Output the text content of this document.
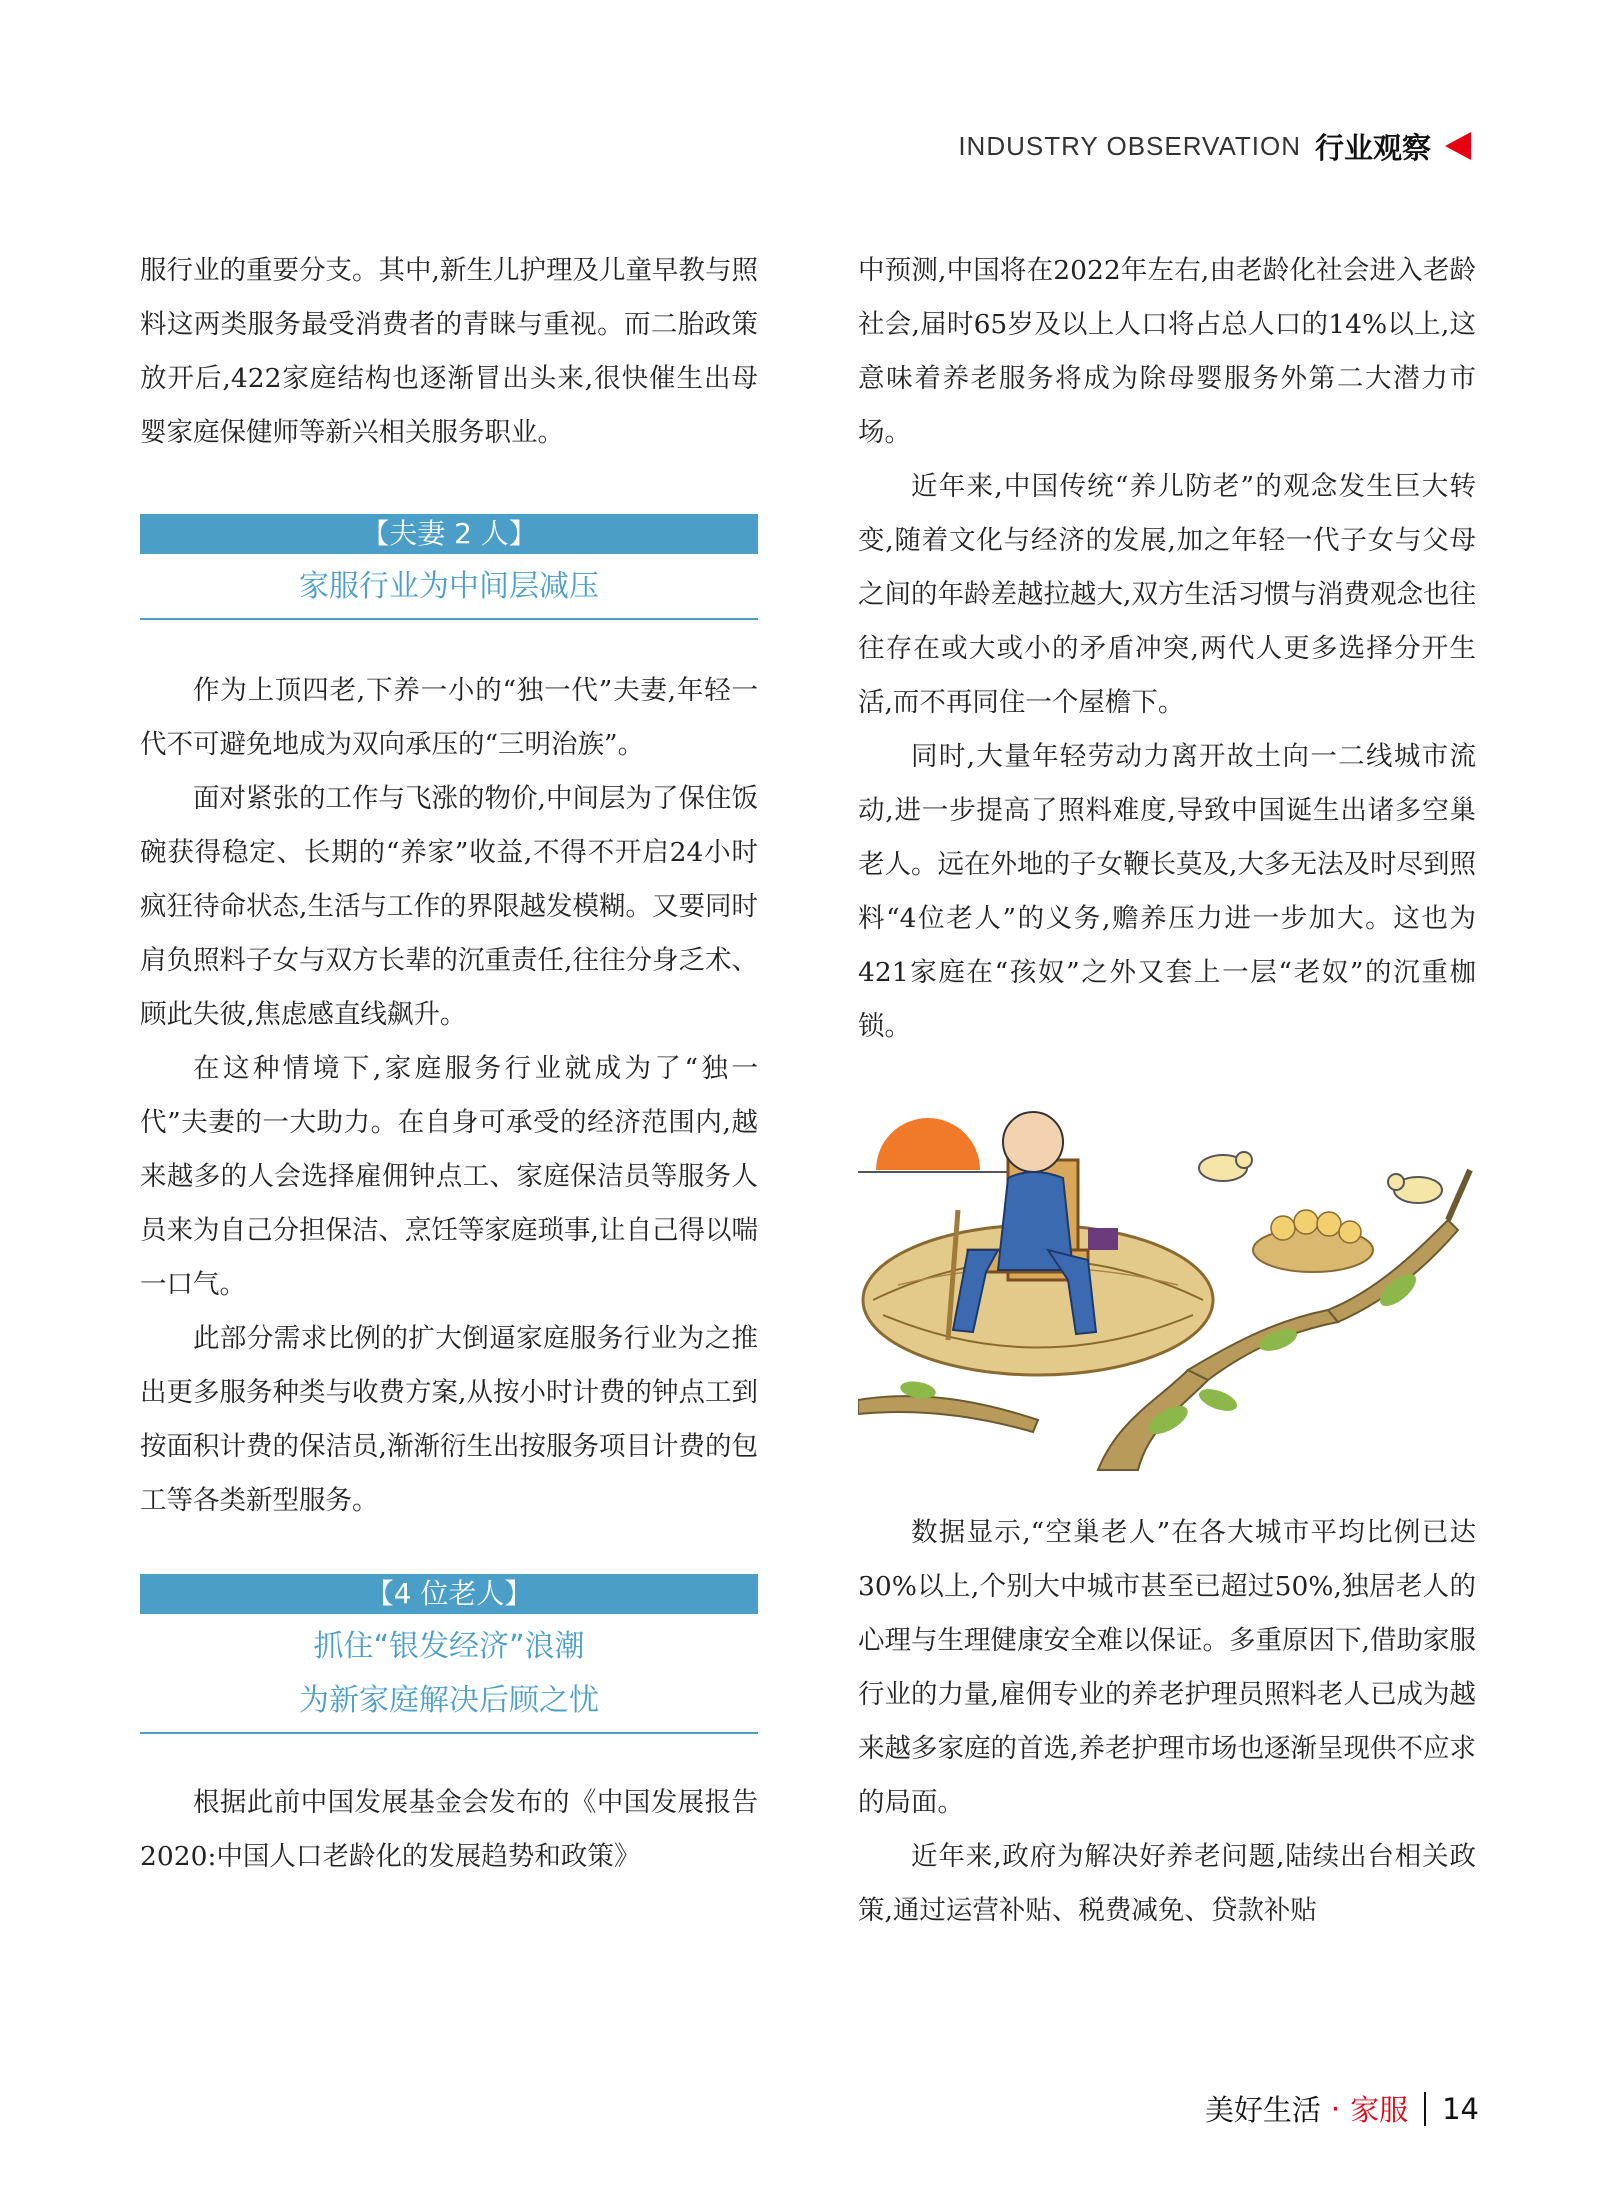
INDUSTRY OBSERVATION 行业观察

服行业的重要分支。其中,新生儿护理及儿童早教与照料这两类服务最受消费者的青睐与重视。而二胎政策放开后,422家庭结构也逐渐冒出头来,很快催生出母婴家庭保健师等新兴相关服务职业。

【夫妻 2 人】
家服行业为中间层减压

作为上顶四老,下养一小的“独一代”夫妻,年轻一代不可避免地成为双向承压的“三明治族”。

面对紧张的工作与飞涨的物价,中间层为了保住饭碗获得稳定、长期的“养家”收益,不得不开启24小时疯狂待命状态,生活与工作的界限越发模糊。又要同时肩负照料子女与双方长辈的沉重责任,往往分身乏术、顾此失彼,焦虑感直线飙升。

在这种情境下,家庭服务行业就成为了“独一代”夫妻的一大助力。在自身可承受的经济范围内,越来越多的人会选择雇佣钟点工、家庭保洁员等服务人员来为自己分担保洁、烹饪等家庭琐事,让自己得以喘一口气。

此部分需求比例的扩大倒逼家庭服务行业为之推出更多服务种类与收费方案,从按小时计费的钟点工到按面积计费的保洁员,渐渐衍生出按服务项目计费的包工等各类新型服务。

【4 位老人】
抓住“银发经济”浪潮
为新家庭解决后顾之忧

根据此前中国发展基金会发布的《中国发展报告2020:中国人口老龄化的发展趋势和政策》

中预测,中国将在2022年左右,由老龄化社会进入老龄社会,届时65岁及以上人口将占总人口的14%以上,这意味着养老服务将成为除母婴服务外第二大潜力市场。

近年来,中国传统“养儿防老”的观念发生巨大转变,随着文化与经济的发展,加之年轻一代子女与父母之间的年龄差越拉越大,双方生活习惯与消费观念也往往存在或大或小的矛盾冲突,两代人更多选择分开生活,而不再同住一个屋檐下。

同时,大量年轻劳动力离开故土向一二线城市流动,进一步提高了照料难度,导致中国诞生出诸多空巢老人。远在外地的子女鞭长莫及,大多无法及时尽到照料“4位老人”的义务,赡养压力进一步加大。这也为421家庭在“孩奴”之外又套上一层“老奴”的沉重枷锁。

数据显示,“空巢老人”在各大城市平均比例已达30%以上,个别大中城市甚至已超过50%,独居老人的心理与生理健康安全难以保证。多重原因下,借助家服行业的力量,雇佣专业的养老护理员照料老人已成为越来越多家庭的首选,养老护理市场也逐渐呈现供不应求的局面。

近年来,政府为解决好养老问题,陆续出台相关政策,通过运营补贴、税费减免、贷款补贴

美好生活 · 家服 14
